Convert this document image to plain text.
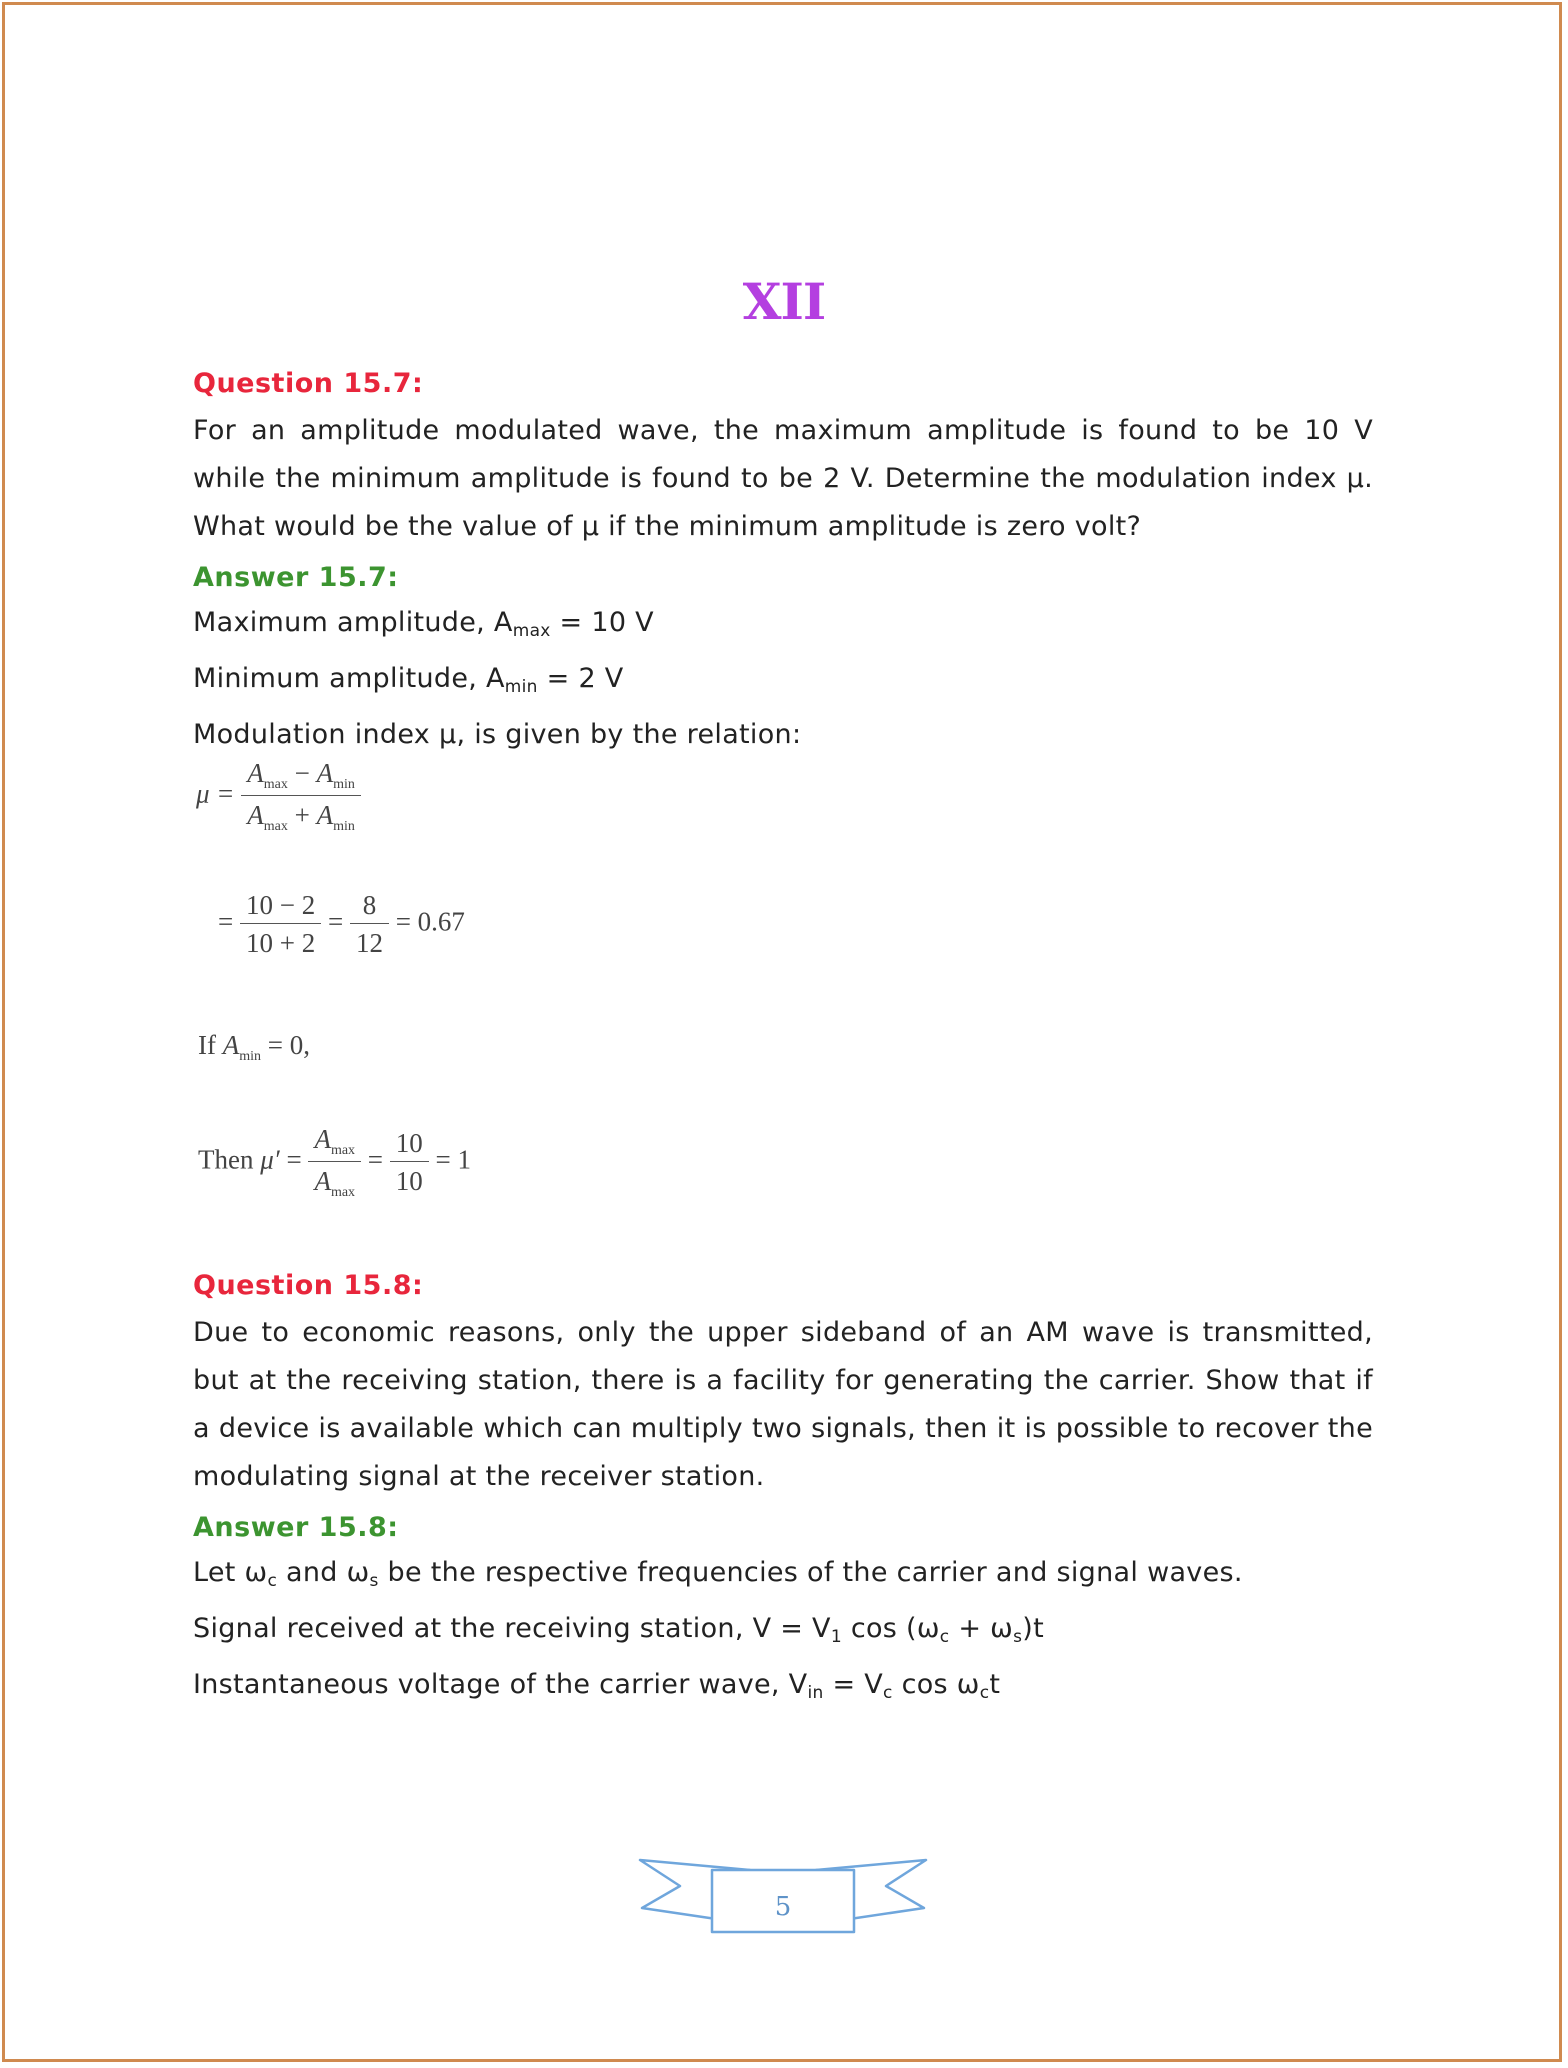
XII
Question 15.7:
For an amplitude modulated wave, the maximum amplitude is found to be 10 V while the minimum amplitude is found to be 2 V. Determine the modulation index μ. What would be the value of μ if the minimum amplitude is zero volt?
Answer 15.7:
Maximum amplitude, $A_{max} = 10$ V
Minimum amplitude, $A_{min} = 2$ V
Modulation index μ, is given by the relation:
$\mu = \frac{A_{max} - A_{min}}{A_{max} + A_{min}}$
= $\frac{10 - 2}{10 + 2} = \frac{8}{12} = 0.67$
If $A_{min} = 0$,
Then $\mu' = \frac{A_{max}}{A_{max}} = \frac{10}{10} = 1$
Question 15.8:
Due to economic reasons, only the upper sideband of an AM wave is transmitted, but at the receiving station, there is a facility for generating the carrier. Show that if a device is available which can multiply two signals, then it is possible to recover the modulating signal at the receiver station.
Answer 15.8:
Let $\omega_c$ and $\omega_s$ be the respective frequencies of the carrier and signal waves.
Signal received at the receiving station, $V = V_1$ $\cos (\omega_c + \omega_s)t$
Instantaneous voltage of the carrier wave, $V_{in} = V_c$ $\cos \omega_ct$
5
